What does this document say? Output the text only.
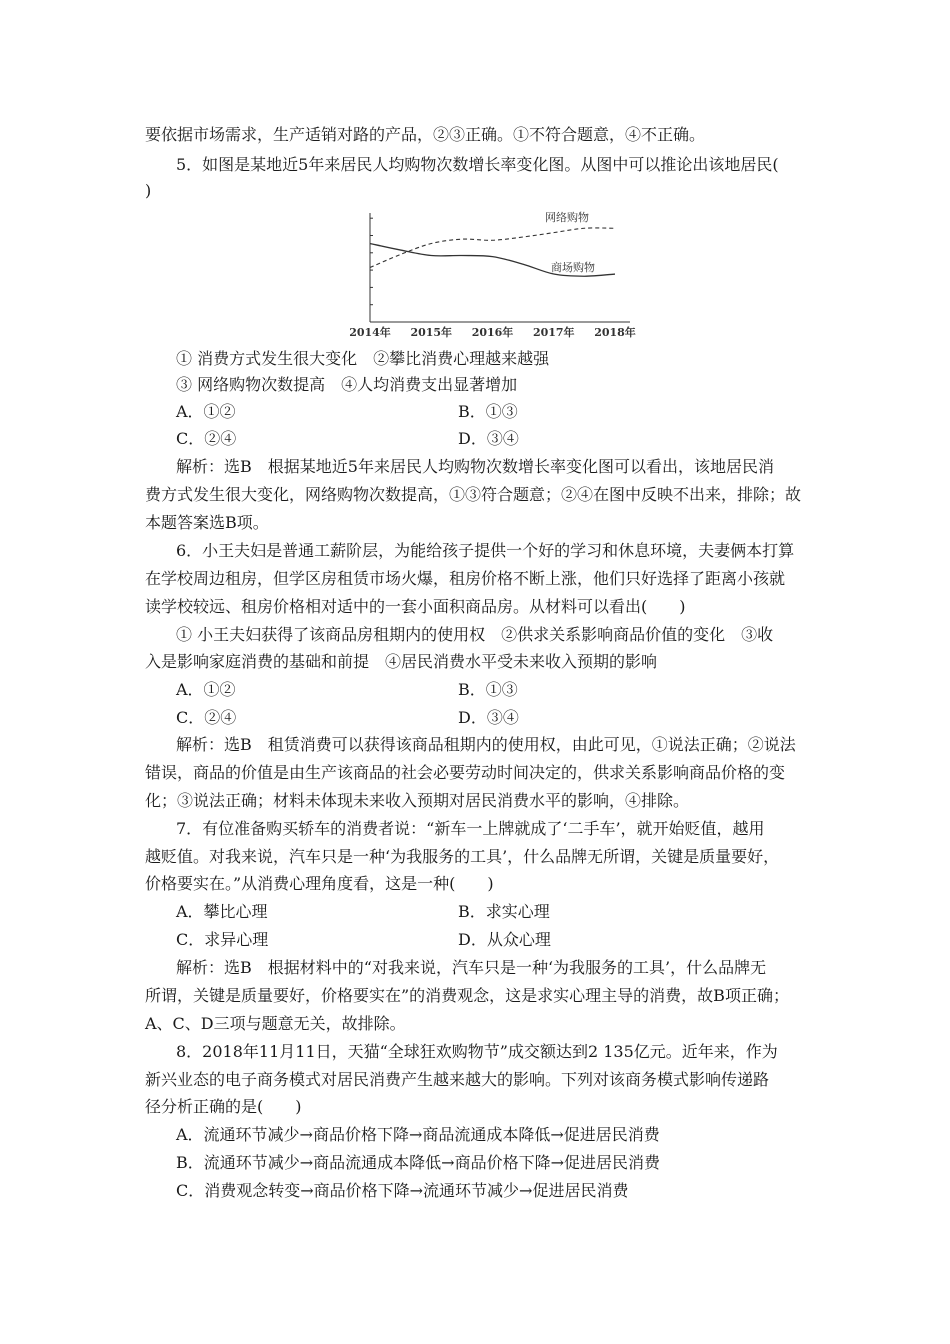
要依据市场需求，生产适销对路的产品，②③正确。①不符合题意，④不正确。
5．如图是某地近5年来居民人均购物次数增长率变化图。从图中可以推论出该地居民(
)
2014年 2015年 2016年 2017年 2018年
网络购物
商场购物
① 消费方式发生很大变化　②攀比消费心理越来越强
③ 网络购物次数提高　④人均消费支出显著增加
A．①②	B．①③
C．②④	D．③④
解析：选B　根据某地近5年来居民人均购物次数增长率变化图可以看出，该地居民消
费方式发生很大变化，网络购物次数提高，①③符合题意；②④在图中反映不出来，排除；故
本题答案选B项。
6．小王夫妇是普通工薪阶层，为能给孩子提供一个好的学习和休息环境，夫妻俩本打算
在学校周边租房，但学区房租赁市场火爆，租房价格不断上涨，他们只好选择了距离小孩就
读学校较远、租房价格相对适中的一套小面积商品房。从材料可以看出(　　)
① 小王夫妇获得了该商品房租期内的使用权　②供求关系影响商品价值的变化　③收
入是影响家庭消费的基础和前提　④居民消费水平受未来收入预期的影响
A．①②	B．①③
C．②④	D．③④
解析：选B　租赁消费可以获得该商品租期内的使用权，由此可见，①说法正确；②说法
错误，商品的价值是由生产该商品的社会必要劳动时间决定的，供求关系影响商品价格的变
化；③说法正确；材料未体现未来收入预期对居民消费水平的影响，④排除。
7．有位准备购买轿车的消费者说：“新车一上牌就成了‘二手车’，就开始贬值，越用
越贬值。对我来说，汽车只是一种‘为我服务的工具’，什么品牌无所谓，关键是质量要好，
价格要实在。”从消费心理角度看，这是一种(　　)
A．攀比心理	B．求实心理
C．求异心理	D．从众心理
解析：选B　根据材料中的“对我来说，汽车只是一种‘为我服务的工具’，什么品牌无
所谓，关键是质量要好，价格要实在”的消费观念，这是求实心理主导的消费，故B项正确；
A、C、D三项与题意无关，故排除。
8．2018年11月11日，天猫“全球狂欢购物节”成交额达到2 135亿元。近年来，作为
新兴业态的电子商务模式对居民消费产生越来越大的影响。下列对该商务模式影响传递路
径分析正确的是(　　)
A．流通环节减少→商品价格下降→商品流通成本降低→促进居民消费
B．流通环节减少→商品流通成本降低→商品价格下降→促进居民消费
C．消费观念转变→商品价格下降→流通环节减少→促进居民消费
